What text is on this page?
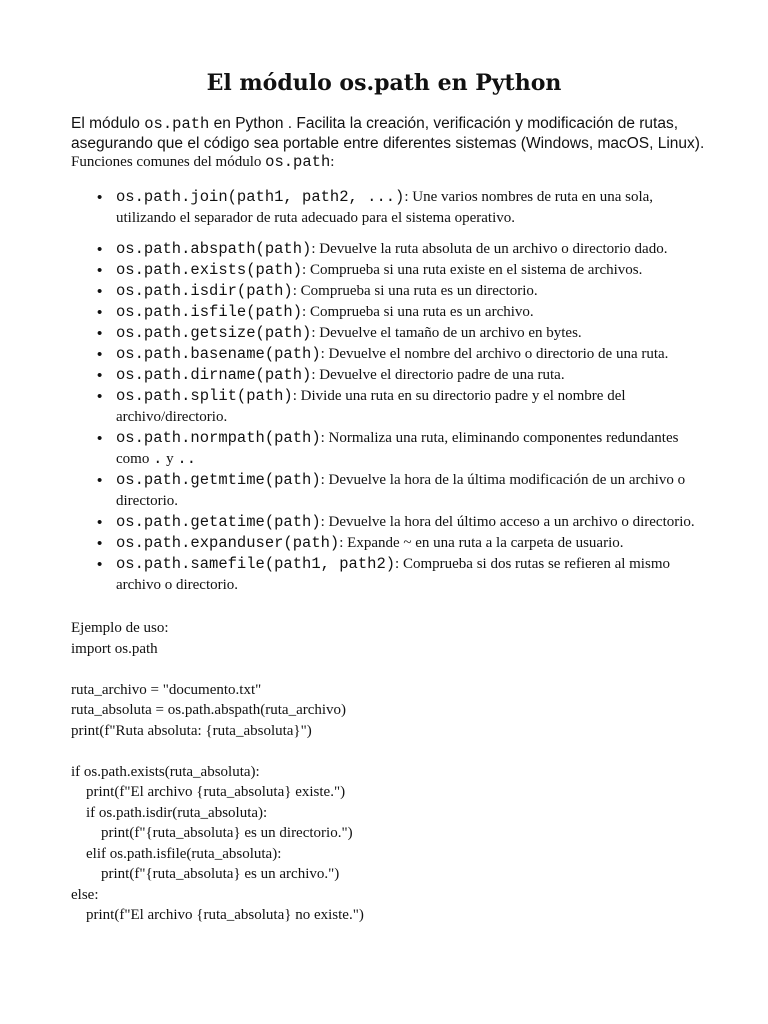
El módulo os.path en Python

El módulo os.path en Python . Facilita la creación, verificación y modificación de rutas, asegurando que el código sea portable entre diferentes sistemas (Windows, macOS, Linux).

Funciones comunes del módulo os.path:

• os.path.join(path1, path2, ...): Une varios nombres de ruta en una sola, utilizando el separador de ruta adecuado para el sistema operativo.
• os.path.abspath(path): Devuelve la ruta absoluta de un archivo o directorio dado.
• os.path.exists(path): Comprueba si una ruta existe en el sistema de archivos.
• os.path.isdir(path): Comprueba si una ruta es un directorio.
• os.path.isfile(path): Comprueba si una ruta es un archivo.
• os.path.getsize(path): Devuelve el tamaño de un archivo en bytes.
• os.path.basename(path): Devuelve el nombre del archivo o directorio de una ruta.
• os.path.dirname(path): Devuelve el directorio padre de una ruta.
• os.path.split(path): Divide una ruta en su directorio padre y el nombre del archivo/directorio.
• os.path.normpath(path): Normaliza una ruta, eliminando componentes redundantes como . y ..
• os.path.getmtime(path): Devuelve la hora de la última modificación de un archivo o directorio.
• os.path.getatime(path): Devuelve la hora del último acceso a un archivo o directorio.
• os.path.expanduser(path): Expande ~ en una ruta a la carpeta de usuario.
• os.path.samefile(path1, path2): Comprueba si dos rutas se refieren al mismo archivo o directorio.
Ejemplo de uso:
import os.path

ruta_archivo = "documento.txt"
ruta_absoluta = os.path.abspath(ruta_archivo)
print(f"Ruta absoluta: {ruta_absoluta}")

if os.path.exists(ruta_absoluta):
print(f"El archivo {ruta_absoluta} existe.")
if os.path.isdir(ruta_absoluta):
print(f"{ruta_absoluta} es un directorio.")
elif os.path.isfile(ruta_absoluta):
print(f"{ruta_absoluta} es un archivo.")
else:
print(f"El archivo {ruta_absoluta} no existe.")
